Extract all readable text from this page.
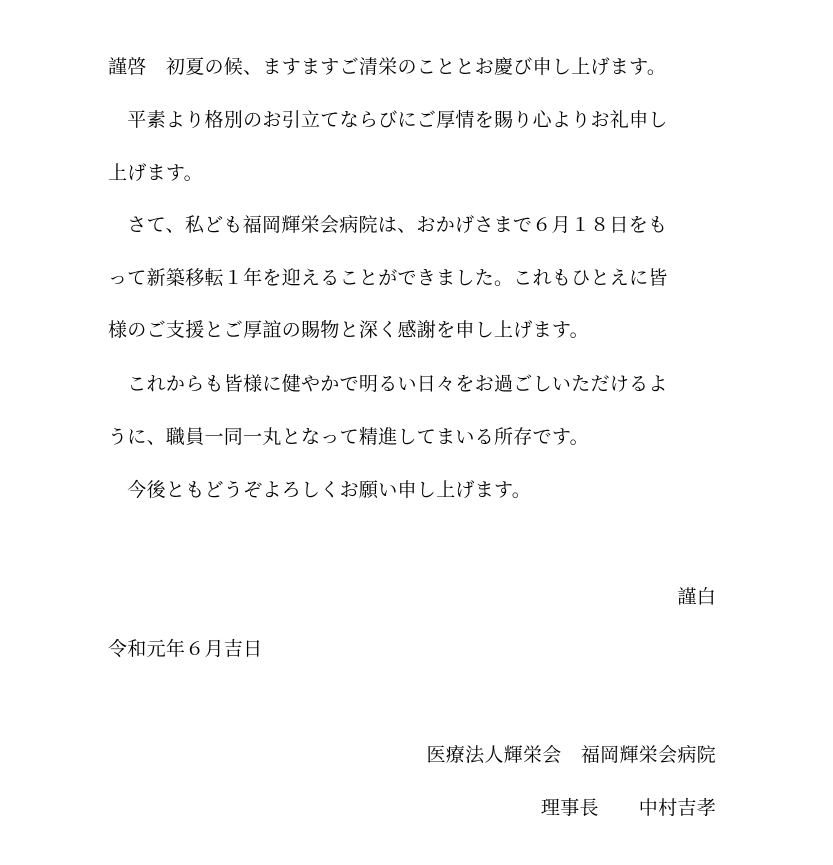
謹啓　初夏の候、ますますご清栄のこととお慶び申し上げます。
　平素より格別のお引立てならびにご厚情を賜り心よりお礼申し
上げます。
　さて、私ども福岡輝栄会病院は、おかげさまで６月１８日をも
って新築移転１年を迎えることができました。これもひとえに皆
様のご支援とご厚誼の賜物と深く感謝を申し上げます。
　これからも皆様に健やかで明るい日々をお過ごしいただけるよ
うに、職員一同一丸となって精進してまいる所存です。
　今後ともどうぞよろしくお願い申し上げます。
謹白
令和元年６月吉日
医療法人輝栄会　福岡輝栄会病院
理事長 中村吉孝
